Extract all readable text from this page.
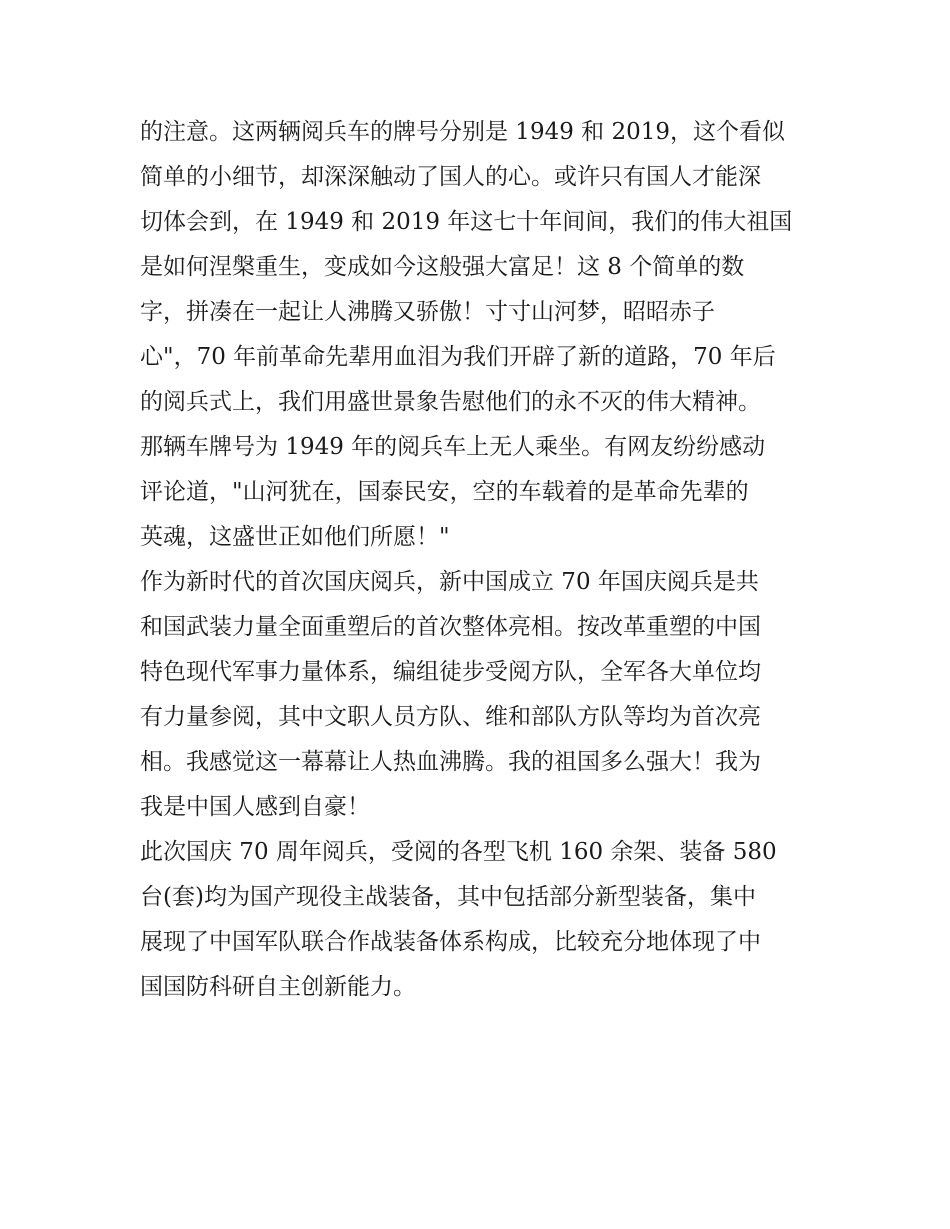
的注意。这两辆阅兵车的牌号分别是 1949 和 2019，这个看似
简单的小细节，却深深触动了国人的心。或许只有国人才能深
切体会到，在 1949 和 2019 年这七十年间间，我们的伟大祖国
是如何涅槃重生，变成如今这般强大富足！这 8 个简单的数
字，拼凑在一起让人沸腾又骄傲！寸寸山河梦，昭昭赤子
心"，70 年前革命先辈用血泪为我们开辟了新的道路，70 年后
的阅兵式上，我们用盛世景象告慰他们的永不灭的伟大精神。
那辆车牌号为 1949 年的阅兵车上无人乘坐。有网友纷纷感动
评论道，"山河犹在，国泰民安，空的车载着的是革命先辈的
英魂，这盛世正如他们所愿！"
作为新时代的首次国庆阅兵，新中国成立 70 年国庆阅兵是共
和国武装力量全面重塑后的首次整体亮相。按改革重塑的中国
特色现代军事力量体系，编组徒步受阅方队，全军各大单位均
有力量参阅，其中文职人员方队、维和部队方队等均为首次亮
相。我感觉这一幕幕让人热血沸腾。我的祖国多么强大！我为
我是中国人感到自豪！
此次国庆 70 周年阅兵，受阅的各型飞机 160 余架、装备 580
台(套)均为国产现役主战装备，其中包括部分新型装备，集中
展现了中国军队联合作战装备体系构成，比较充分地体现了中
国国防科研自主创新能力。
